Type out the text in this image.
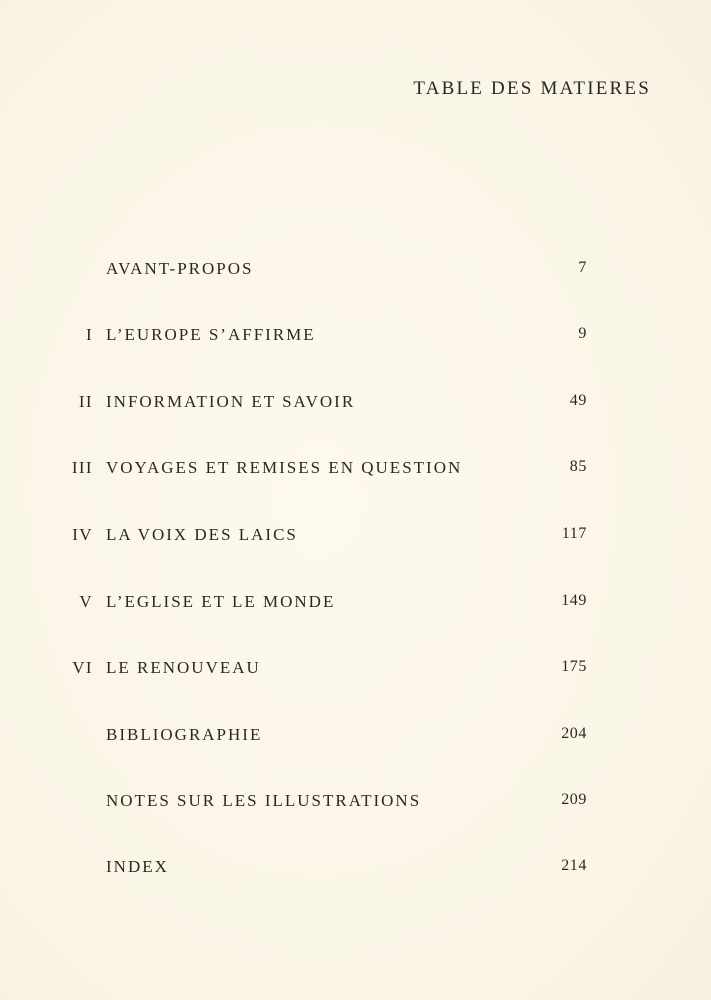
TABLE DES MATIERES
AVANT-PROPOS	7
I L’EUROPE S’AFFIRME	9
II INFORMATION ET SAVOIR	49
III VOYAGES ET REMISES EN QUESTION	85
IV LA VOIX DES LAICS	117
V L’EGLISE ET LE MONDE	149
VI LE RENOUVEAU	175
BIBLIOGRAPHIE	204
NOTES SUR LES ILLUSTRATIONS	209
INDEX	214
